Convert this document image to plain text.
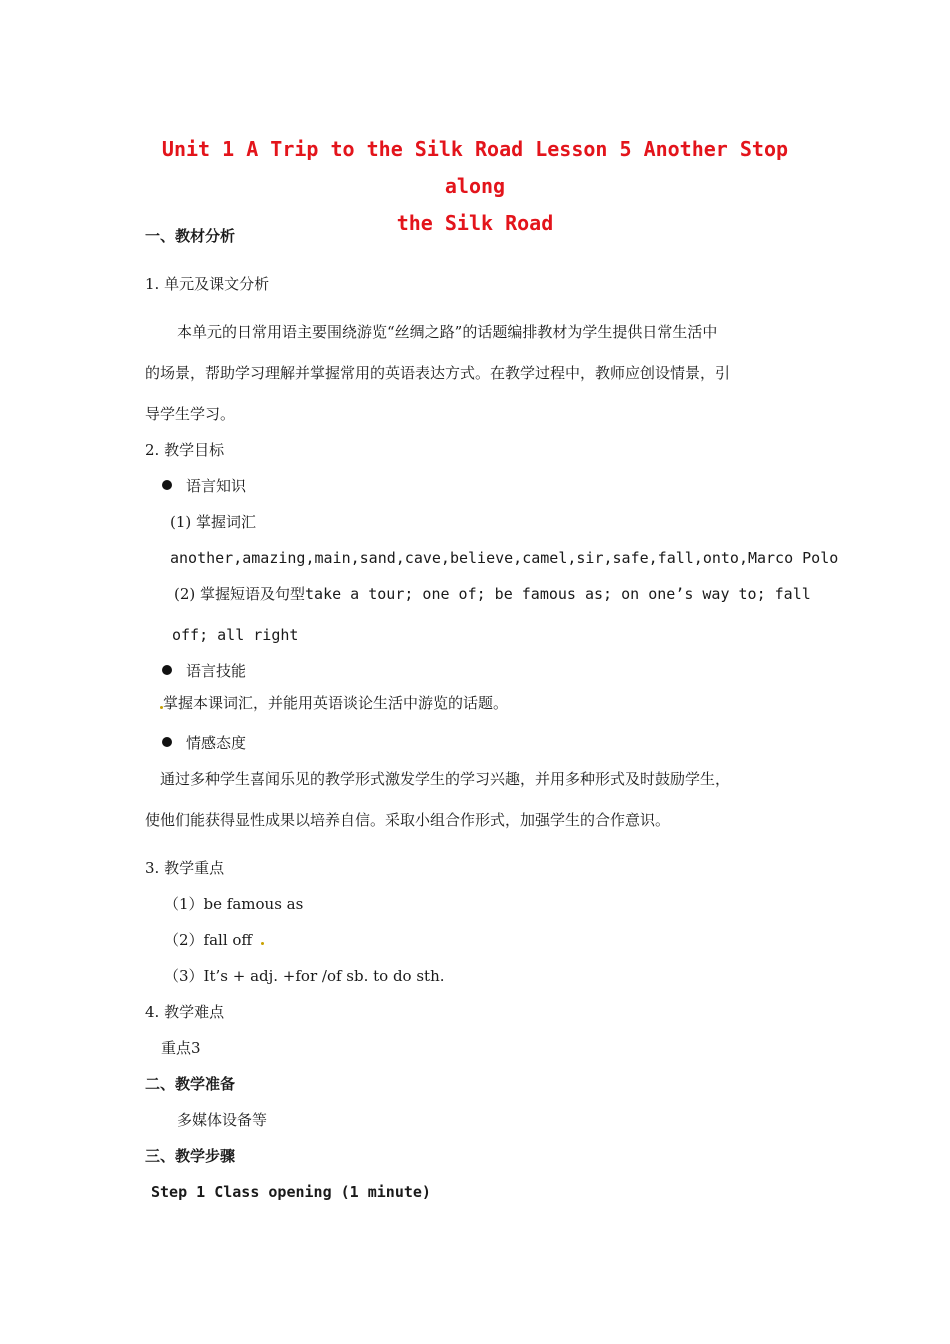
Unit 1 A Trip to the Silk Road Lesson 5 Another Stop along
the Silk Road
一、教材分析
1. 单元及课文分析
本单元的日常用语主要围绕游览“丝绸之路”的话题编排教材为学生提供日常生活中
的场景，帮助学习理解并掌握常用的英语表达方式。在教学过程中，教师应创设情景，引
导学生学习。
2. 教学目标
语言知识
(1) 掌握词汇
another,amazing,main,sand,cave,believe,camel,sir,safe,fall,onto,Marco Polo
(2) 掌握短语及句型take a tour; one of; be famous as; on one’s way to; fall
off; all right
语言技能
掌握本课词汇，并能用英语谈论生活中游览的话题。
情感态度
通过多种学生喜闻乐见的教学形式激发学生的学习兴趣，并用多种形式及时鼓励学生，
使他们能获得显性成果以培养自信。采取小组合作形式，加强学生的合作意识。
3. 教学重点
（1）be famous as
（2）fall off
（3）It’s + adj. +for /of sb. to do sth.
4. 教学难点
重点3
二、教学准备
多媒体设备等
三、教学步骤
Step 1 Class opening (1 minute)
